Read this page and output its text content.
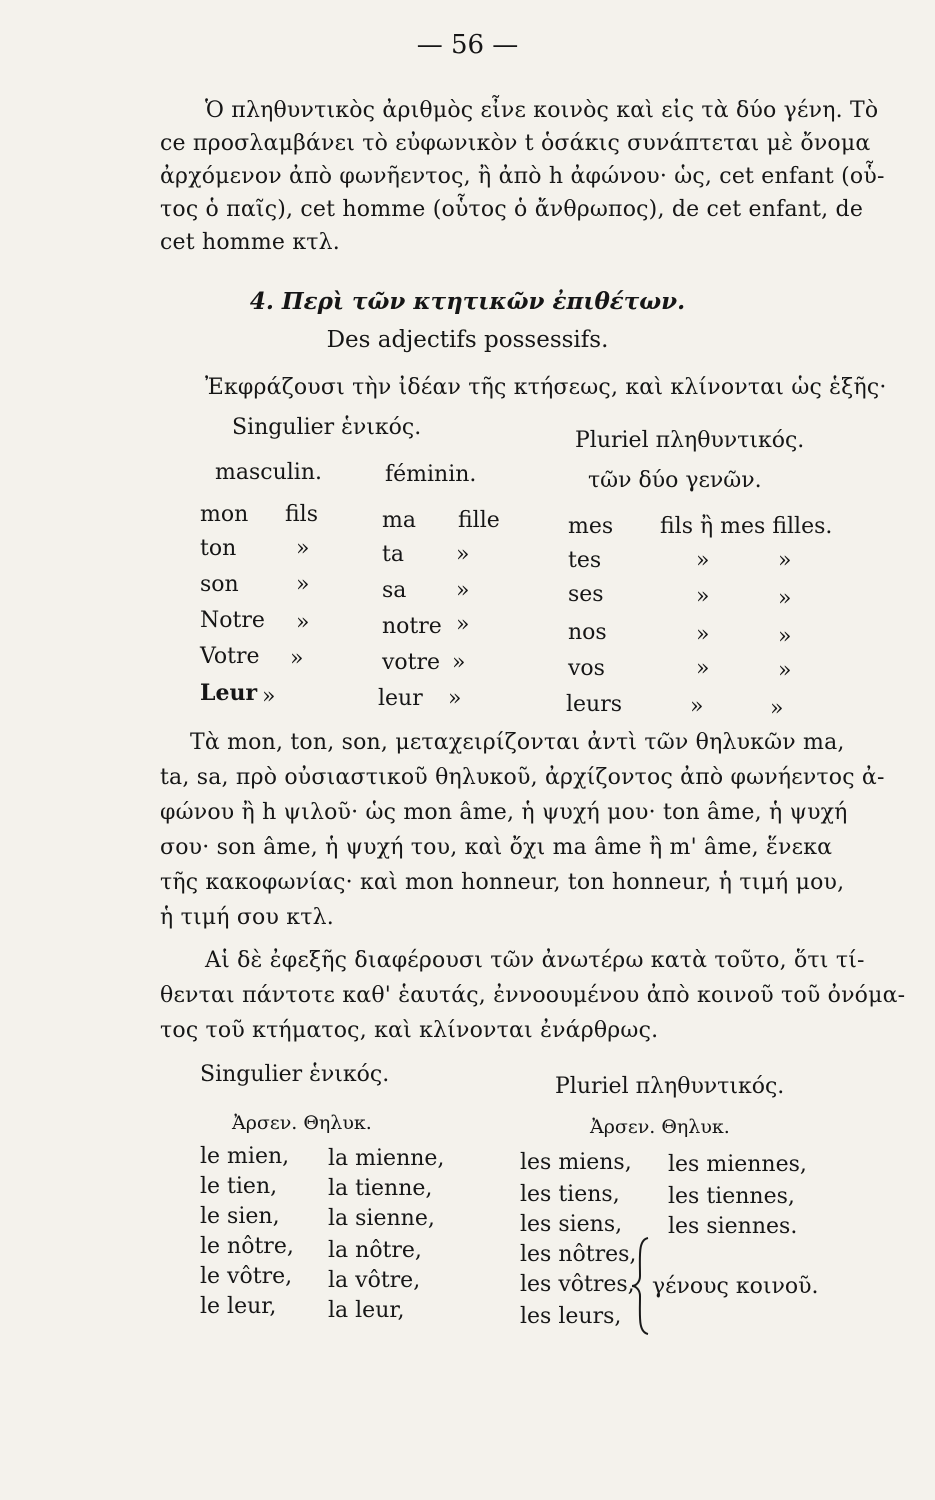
— 56 —
Ὁ πληθυντικὸς ἀριθμὸς εἶνε κοινὸς καὶ εἰς τὰ δύο γένη. Τὸ
ce προσλαμβάνει τὸ εὐφωνικὸν t ὁσάκις συνάπτεται μὲ ὄνομα
ἀρχόμενον ἀπὸ φωνῆεντος, ἢ ἀπὸ h ἀφώνου· ὡς, cet enfant (οὗ-
τος ὁ παῖς), cet homme (οὗτος ὁ ἄνθρωπος), de cet enfant, de
cet homme κτλ.
4. Περὶ τῶν κτητικῶν ἐπιθέτων.
Des adjectifs possessifs.
Ἐκφράζουσι τὴν ἰδέαν τῆς κτήσεως, καὶ κλίνονται ὡς ἑξῆς·
Singulier ἑνικός.
Pluriel πληθυντικός.
masculin.	féminin.	τῶν δύο γενῶν.
mon fils	ma fille	mes fils ἢ mes filles.
ton	»	ta »	tes	»	»
son	»	sa »	ses	»	»
Notre »	notre »	nos	»	»
Votre »	votre »	vos	»	»
Leur »	leur »	leurs	»	»
Τὰ mon, ton, son, μεταχειρίζονται ἀντὶ τῶν θηλυκῶν ma,
ta, sa, πρὸ οὐσιαστικοῦ θηλυκοῦ, ἀρχίζοντος ἀπὸ φωνήεντος ἀ-
φώνου ἢ h ψιλοῦ· ὡς mon âme, ἡ ψυχή μου· ton âme, ἡ ψυχή
σου· son âme, ἡ ψυχή του, καὶ ὄχι ma âme ἢ m' âme, ἕνεκα
τῆς κακοφωνίας· καὶ mon honneur, ton honneur, ἡ τιμή μου,
ἡ τιμή σου κτλ.
Αἱ δὲ ἐφεξῆς διαφέρουσι τῶν ἀνωτέρω κατὰ τοῦτο, ὅτι τί-
θενται πάντοτε καθ' ἑαυτάς, ἐννοουμένου ἀπὸ κοινοῦ τοῦ ὀνόμα-
τος τοῦ κτήματος, καὶ κλίνονται ἐνάρθρως.
Singulier ἑνικός.	Pluriel πληθυντικός.
Ἀρσεν. Θηλυκ.	Ἀρσεν. Θηλυκ.
le mien, la mienne,	les miens, les miennes,
le tien, la tienne,	les tiens, les tiennes,
le sien, la sienne,	les siens, les siennes.
le nôtre, la nôtre,	les nôtres,
le vôtre, la vôtre,	les vôtres,
le leur, la leur,	les leurs,
γένους κοινοῦ.
